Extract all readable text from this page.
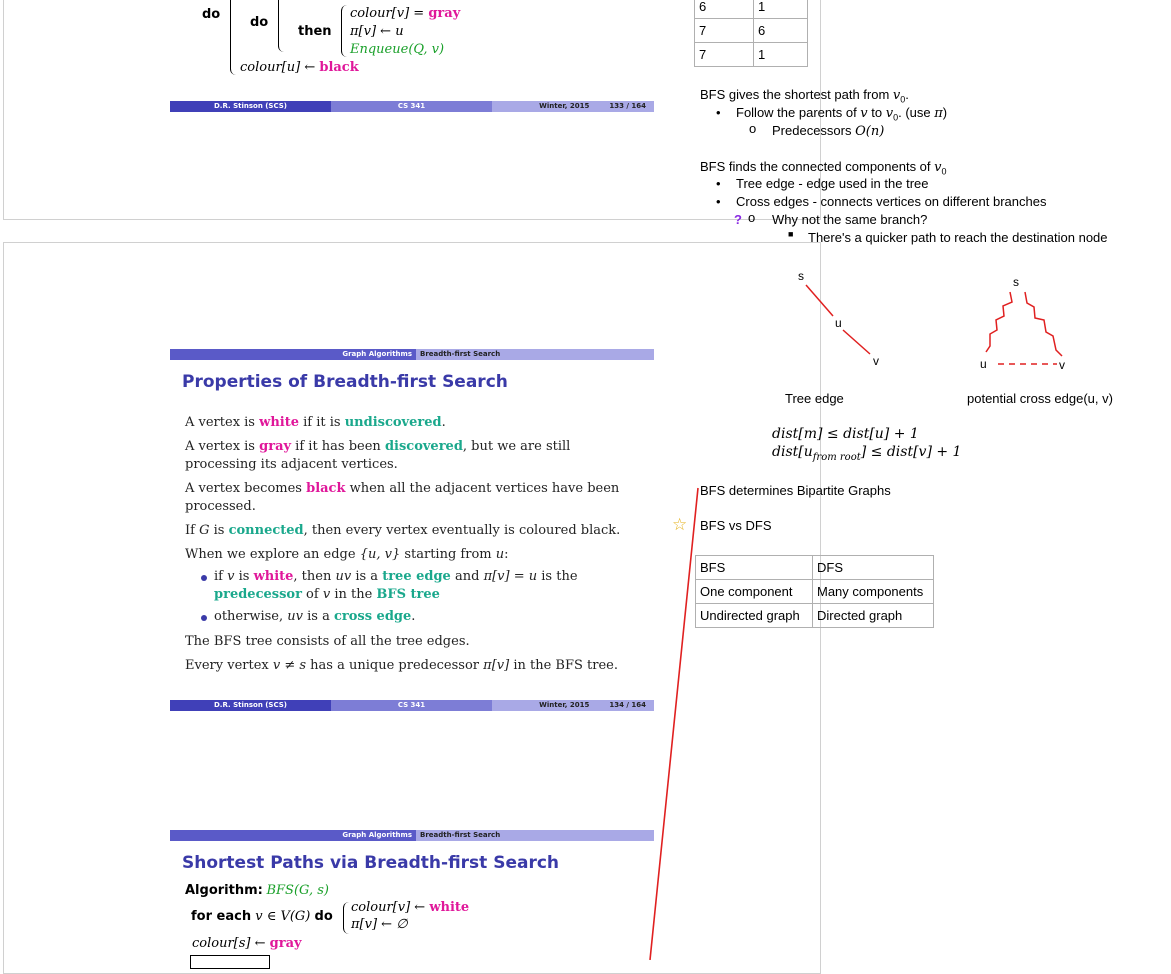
do
do
then
colour[v] = gray
π[v] ← u
Enqueue(Q, v)
colour[u] ← black
D.R. Stinson (SCS)	CS 341	Winter, 2015	133 / 164
6	1
7	6
7	1
Graph Algorithms	Breadth-first Search
Properties of Breadth-first Search
A vertex is white if it is undiscovered.
A vertex is gray if it has been discovered, but we are still processing its adjacent vertices.
A vertex becomes black when all the adjacent vertices have been processed.
If G is connected, then every vertex eventually is coloured black.
When we explore an edge {u, v} starting from u:
if v is white, then uv is a tree edge and π[v] = u is the predecessor of v in the BFS tree
otherwise, uv is a cross edge.
The BFS tree consists of all the tree edges.
Every vertex v ≠ s has a unique predecessor π[v] in the BFS tree.
D.R. Stinson (SCS)	CS 341	Winter, 2015	134 / 164
Graph Algorithms	Breadth-first Search
Shortest Paths via Breadth-first Search
Algorithm: BFS(G, s)
for each v ∈ V(G) do
colour[v] ← white
π[v] ← ∅
colour[s] ← gray
BFS gives the shortest path from $v_0$.
• Follow the parents of v to $v_0$. (use π)
o Predecessors O(n)
BFS finds the connected components of $v_0$
• Tree edge - edge used in the tree
• Cross edges - connects vertices on different branches
? o Why not the same branch?
■ There's a quicker path to reach the destination node
s
u
v
s
u	v
Tree edge	potential cross edge(u, v)
dist[m] ≤ dist[u] + 1
$dist[u_{from root}]$ ≤ dist[v] + 1
BFS determines Bipartite Graphs
☆ BFS vs DFS
BFS	DFS
One component	Many components
Undirected graph	Directed graph
